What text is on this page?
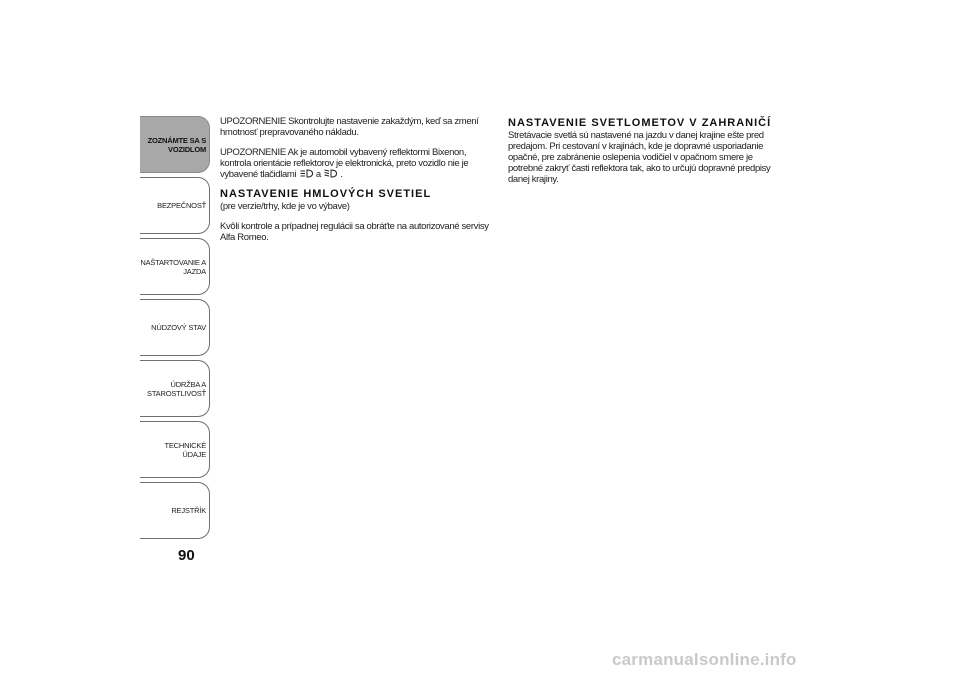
ZOZNÁMTE SA S
VOZIDLOM
BEZPEČNOSŤ
NAŠTARTOVANIE A
JAZDA
NÚDZOVÝ STAV
ÚDRŽBA A
STAROSTLIVOSŤ
TECHNICKÉ ÚDAJE
REJSTŘÍK
90

UPOZORNENIE Skontrolujte nastavenie zakaždým, keď sa zmení hmotnosť prepravovaného nákladu.

UPOZORNENIE Ak je automobil vybavený reflektormi Bixenon, kontrola orientácie reflektorov je elektronická, preto vozidlo nie je vybavené tlačidlami a .

NASTAVENIE HMLOVÝCH SVETIEL

(pre verzie/trhy, kde je vo výbave)

Kvôli kontrole a prípadnej regulácii sa obráťte na autorizované servisy Alfa Romeo.

NASTAVENIE SVETLOMETOV V ZAHRANIČÍ

Stretávacie svetlá sú nastavené na jazdu v danej krajine ešte pred predajom. Pri cestovaní v krajinách, kde je dopravné usporiadanie opačné, pre zabránenie oslepenia vodičiel v opačnom smere je potrebné zakryť časti reflektora tak, ako to určujú dopravné predpisy danej krajiny.

carmanualsonline.info
